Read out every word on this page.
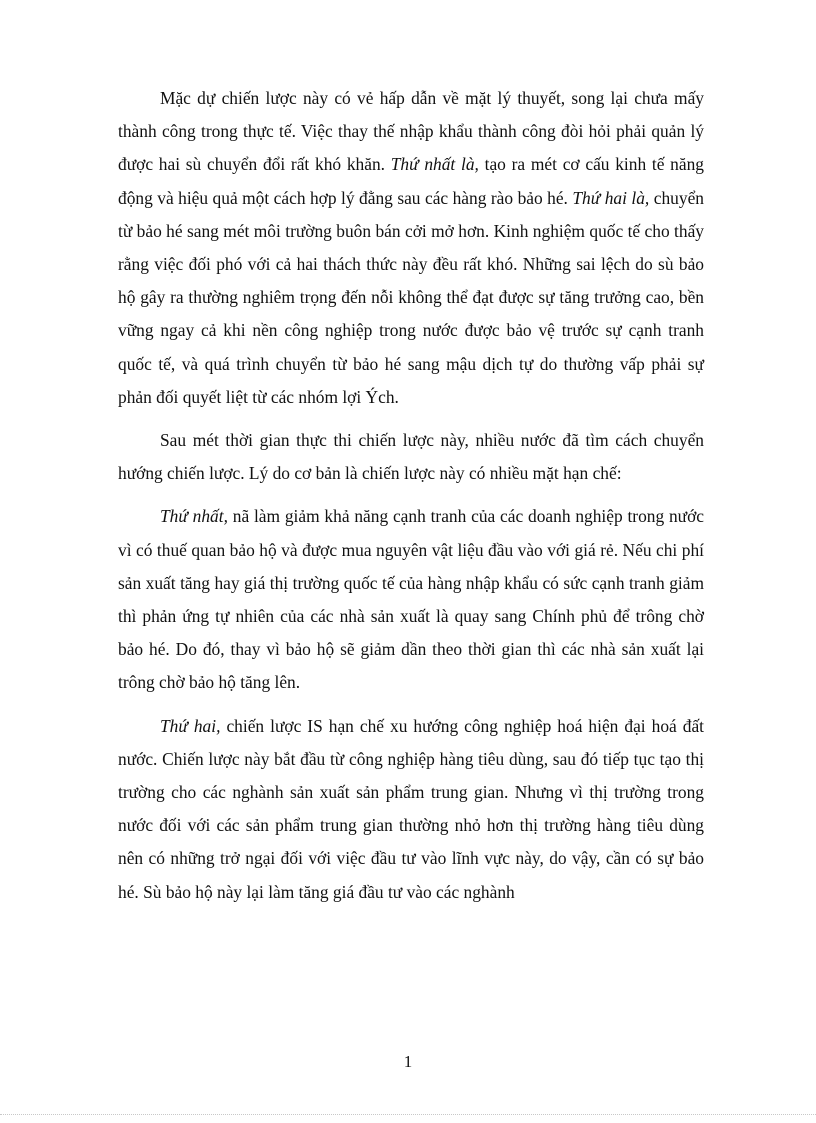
Mặc dự chiến lược này có vẻ hấp dẫn về mặt lý thuyết, song lại chưa mấy thành công trong thực tế. Việc thay thế nhập khẩu thành công đòi hỏi phải quản lý được hai sù chuyển đổi rất khó khăn. Thứ nhất là, tạo ra mét cơ cấu kinh tế năng động và hiệu quả một cách hợp lý đằng sau các hàng rào bảo hé. Thứ hai là, chuyển từ bảo hé sang mét môi trường buôn bán cởi mở hơn. Kinh nghiệm quốc tế cho thấy rằng việc đối phó với cả hai thách thức này đều rất khó. Những sai lệch do sù bảo hộ gây ra thường nghiêm trọng đến nỗi không thể đạt được sự tăng trưởng cao, bền vững ngay cả khi nền công nghiệp trong nước được bảo vệ trước sự cạnh tranh quốc tế, và quá trình chuyển từ bảo hé sang mậu dịch tự do thường vấp phải sự phản đối quyết liệt từ các nhóm lợi Ých.

Sau mét thời gian thực thi chiến lược này, nhiều nước đã tìm cách chuyển hướng chiến lược. Lý do cơ bản là chiến lược này có nhiều mặt hạn chế:

Thứ nhất, nã làm giảm khả năng cạnh tranh của các doanh nghiệp trong nước vì có thuế quan bảo hộ và được mua nguyên vật liệu đầu vào với giá rẻ. Nếu chi phí sản xuất tăng hay giá thị trường quốc tế của hàng nhập khẩu có sức cạnh tranh giảm thì phản ứng tự nhiên của các nhà sản xuất là quay sang Chính phủ để trông chờ bảo hé. Do đó, thay vì bảo hộ sẽ giảm dần theo thời gian thì các nhà sản xuất lại trông chờ bảo hộ tăng lên.

Thứ hai, chiến lược IS hạn chế xu hướng công nghiệp hoá hiện đại hoá đất nước. Chiến lược này bắt đầu từ công nghiệp hàng tiêu dùng, sau đó tiếp tục tạo thị trường cho các nghành sản xuất sản phẩm trung gian. Nhưng vì thị trường trong nước đối với các sản phẩm trung gian thường nhỏ hơn thị trường hàng tiêu dùng nên có những trở ngại đối với việc đầu tư vào lĩnh vực này, do vậy, cần có sự bảo hé. Sù bảo hộ này lại làm tăng giá đầu tư vào các nghành

1
